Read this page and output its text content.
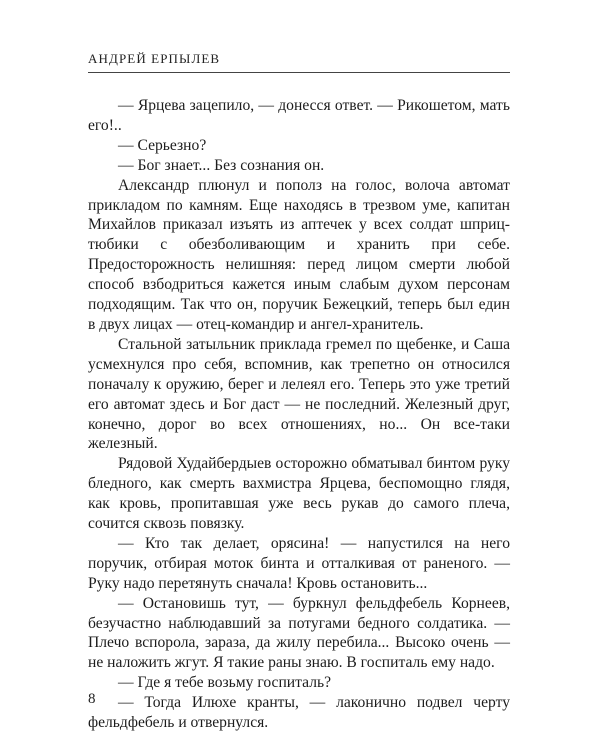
АНДРЕЙ ЕРПЫЛЕВ

— Ярцева зацепило, — донесся ответ. — Рикошетом, мать его!..

— Серьезно?

— Бог знает... Без сознания он.

Александр плюнул и пополз на голос, волоча автомат прикладом по камням. Еще находясь в трезвом уме, капитан Михайлов приказал изъять из аптечек у всех солдат шприц-тюбики с обезболивающим и хранить при себе. Предосторожность нелишняя: перед лицом смерти любой способ взбодриться кажется иным слабым духом персонам подходящим. Так что он, поручик Бежецкий, теперь был един в двух лицах — отец-командир и ангел-хранитель.

Стальной затыльник приклада гремел по щебенке, и Саша усмехнулся про себя, вспомнив, как трепетно он относился поначалу к оружию, берег и лелеял его. Теперь это уже третий его автомат здесь и Бог даст — не последний. Железный друг, конечно, дорог во всех отношениях, но... Он все-таки железный.

Рядовой Худайбердыев осторожно обматывал бинтом руку бледного, как смерть вахмистра Ярцева, беспомощно глядя, как кровь, пропитавшая уже весь рукав до самого плеча, сочится сквозь повязку.

— Кто так делает, орясина! — напустился на него поручик, отбирая моток бинта и отталкивая от раненого. — Руку надо перетянуть сначала! Кровь остановить...

— Остановишь тут, — буркнул фельдфебель Корнеев, безучастно наблюдавший за потугами бедного солдатика. — Плечо вспорола, зараза, да жилу перебила... Высоко очень — не наложить жгут. Я такие раны знаю. В госпиталь ему надо.

— Где я тебе возьму госпиталь?

— Тогда Илюхе кранты, — лаконично подвел черту фельдфебель и отвернулся.

8
